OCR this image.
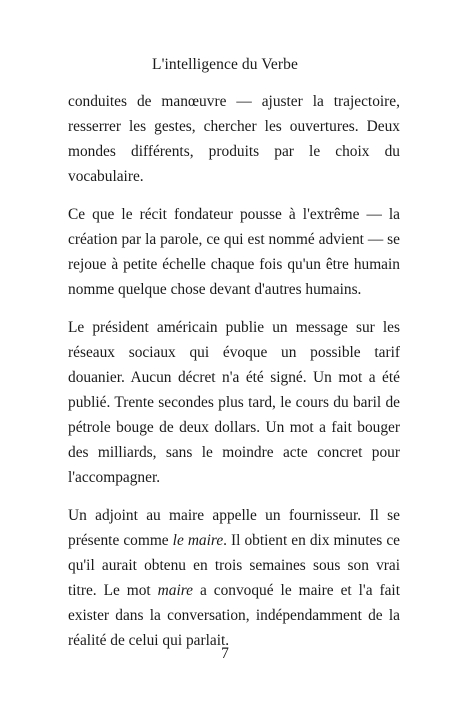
L'intelligence du Verbe

conduites de manœuvre — ajuster la trajectoire, resserrer les gestes, chercher les ouvertures. Deux mondes différents, produits par le choix du vocabulaire.

Ce que le récit fondateur pousse à l'extrême — la création par la parole, ce qui est nommé advient — se rejoue à petite échelle chaque fois qu'un être humain nomme quelque chose devant d'autres humains.

Le président américain publie un message sur les réseaux sociaux qui évoque un possible tarif douanier. Aucun décret n'a été signé. Un mot a été publié. Trente secondes plus tard, le cours du baril de pétrole bouge de deux dollars. Un mot a fait bouger des milliards, sans le moindre acte concret pour l'accompagner.

Un adjoint au maire appelle un fournisseur. Il se présente comme le maire. Il obtient en dix minutes ce qu'il aurait obtenu en trois semaines sous son vrai titre. Le mot maire a convoqué le maire et l'a fait exister dans la conversation, indépendamment de la réalité de celui qui parlait.

7
